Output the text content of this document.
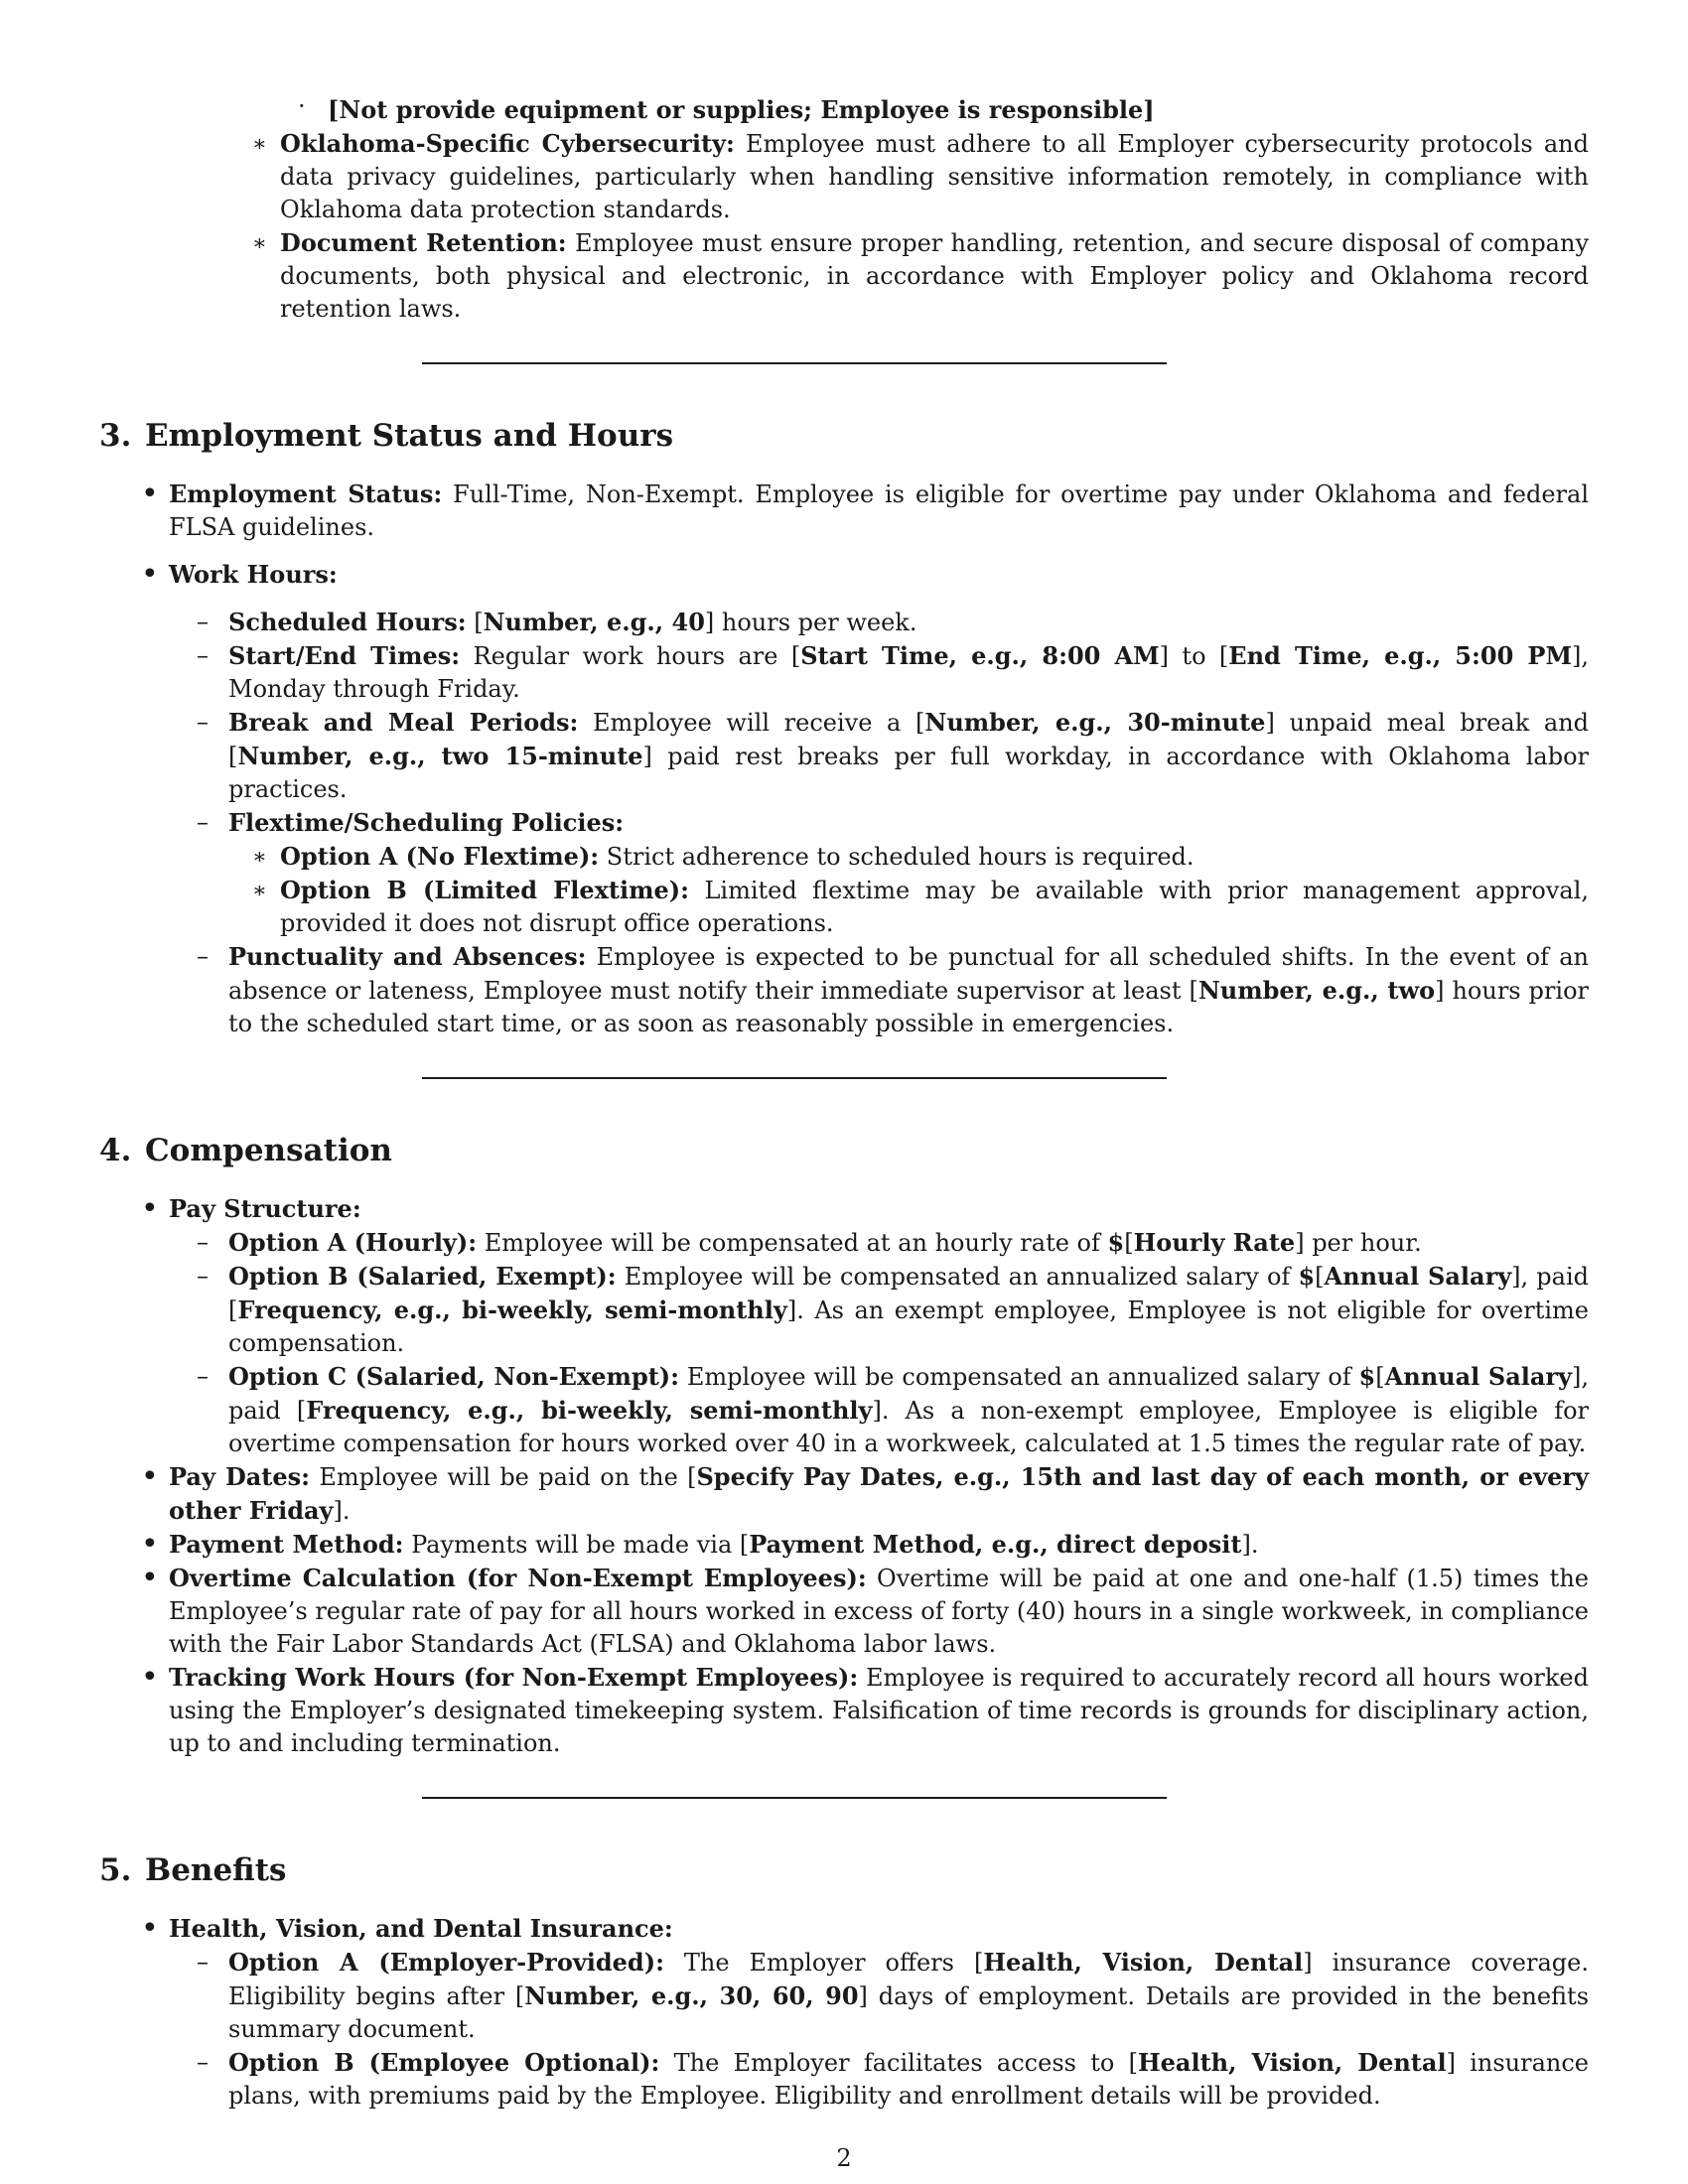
· [Not provide equipment or supplies; Employee is responsible]
∗ Oklahoma-Specific Cybersecurity: Employee must adhere to all Employer cybersecurity protocols and data privacy guidelines, particularly when handling sensitive information remotely, in compliance with Oklahoma data protection standards.
∗ Document Retention: Employee must ensure proper handling, retention, and secure disposal of company documents, both physical and electronic, in accordance with Employer policy and Oklahoma record retention laws.
3. Employment Status and Hours
• Employment Status: Full-Time, Non-Exempt. Employee is eligible for overtime pay under Oklahoma and federal FLSA guidelines.
• Work Hours:
– Scheduled Hours: [Number, e.g., 40] hours per week.
– Start/End Times: Regular work hours are [Start Time, e.g., 8:00 AM] to [End Time, e.g., 5:00 PM], Monday through Friday.
– Break and Meal Periods: Employee will receive a [Number, e.g., 30-minute] unpaid meal break and [Number, e.g., two 15-minute] paid rest breaks per full workday, in accordance with Oklahoma labor practices.
– Flextime/Scheduling Policies:
∗ Option A (No Flextime): Strict adherence to scheduled hours is required.
∗ Option B (Limited Flextime): Limited flextime may be available with prior management approval, provided it does not disrupt office operations.
– Punctuality and Absences: Employee is expected to be punctual for all scheduled shifts. In the event of an absence or lateness, Employee must notify their immediate supervisor at least [Number, e.g., two] hours prior to the scheduled start time, or as soon as reasonably possible in emergencies.
4. Compensation
• Pay Structure:
– Option A (Hourly): Employee will be compensated at an hourly rate of $[Hourly Rate] per hour.
– Option B (Salaried, Exempt): Employee will be compensated an annualized salary of $[Annual Salary], paid [Frequency, e.g., bi-weekly, semi-monthly]. As an exempt employee, Employee is not eligible for overtime compensation.
– Option C (Salaried, Non-Exempt): Employee will be compensated an annualized salary of $[Annual Salary], paid [Frequency, e.g., bi-weekly, semi-monthly]. As a non-exempt employee, Employee is eligible for overtime compensation for hours worked over 40 in a workweek, calculated at 1.5 times the regular rate of pay.
• Pay Dates: Employee will be paid on the [Specify Pay Dates, e.g., 15th and last day of each month, or every other Friday].
• Payment Method: Payments will be made via [Payment Method, e.g., direct deposit].
• Overtime Calculation (for Non-Exempt Employees): Overtime will be paid at one and one-half (1.5) times the Employee’s regular rate of pay for all hours worked in excess of forty (40) hours in a single workweek, in compliance with the Fair Labor Standards Act (FLSA) and Oklahoma labor laws.
• Tracking Work Hours (for Non-Exempt Employees): Employee is required to accurately record all hours worked using the Employer’s designated timekeeping system. Falsification of time records is grounds for disciplinary action, up to and including termination.
5. Benefits
• Health, Vision, and Dental Insurance:
– Option A (Employer-Provided): The Employer offers [Health, Vision, Dental] insurance coverage. Eligibility begins after [Number, e.g., 30, 60, 90] days of employment. Details are provided in the benefits summary document.
– Option B (Employee Optional): The Employer facilitates access to [Health, Vision, Dental] insurance plans, with premiums paid by the Employee. Eligibility and enrollment details will be provided.
2
